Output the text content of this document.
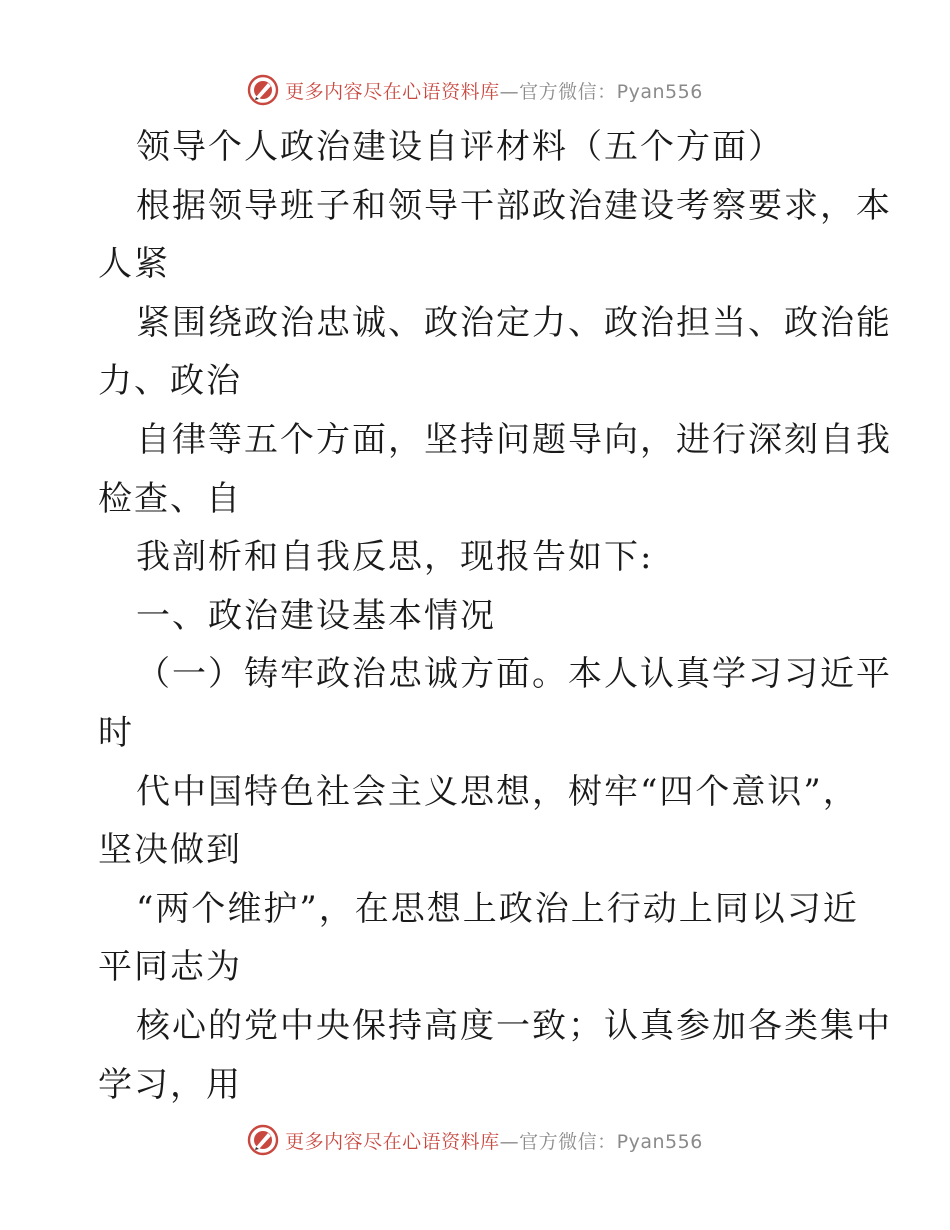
更多内容尽在心语资料库—官方微信：Pyan556
领导个人政治建设自评材料（五个方面）
根据领导班子和领导干部政治建设考察要求，本
人紧
紧围绕政治忠诚、政治定力、政治担当、政治能
力、政治
自律等五个方面，坚持问题导向，进行深刻自我
检查、自
我剖析和自我反思，现报告如下:
一、政治建设基本情况
（一）铸牢政治忠诚方面。本人认真学习习近平
时
代中国特色社会主义思想，树牢“四个意识”，
坚决做到
“两个维护”，在思想上政治上行动上同以习近
平同志为
核心的党中央保持高度一致；认真参加各类集中
学习，用
更多内容尽在心语资料库—官方微信：Pyan556
